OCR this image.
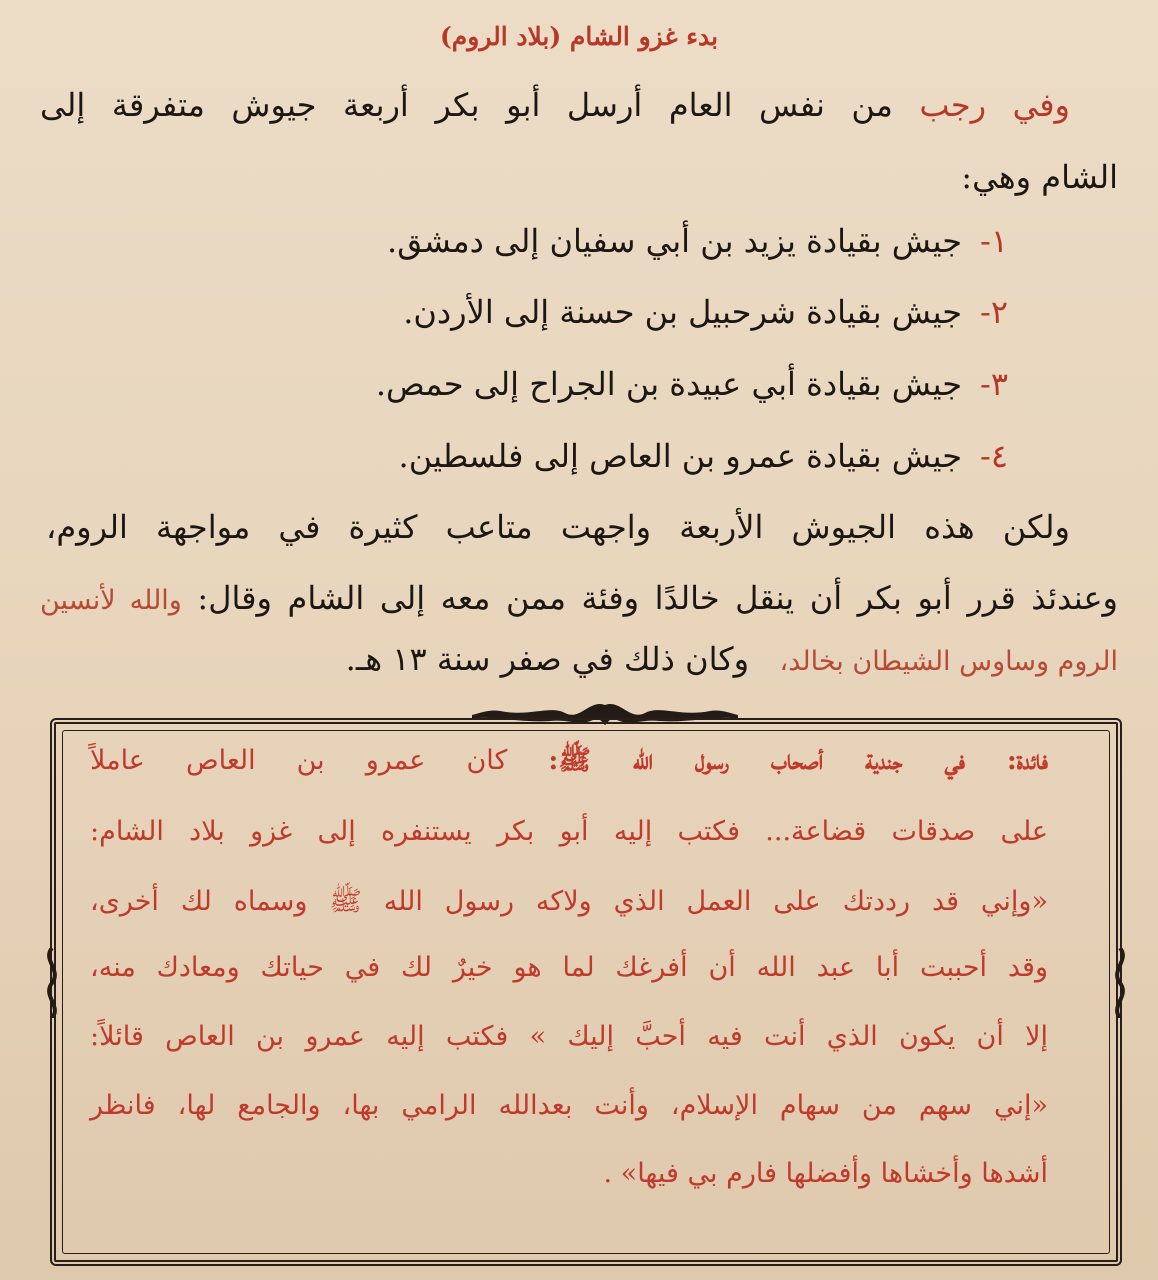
بدء غزو الشام (بلاد الروم)
وفي رجب من نفس العام أرسل أبو بكر أربعة جيوش متفرقة إلى
الشام وهي:
١-جيش بقيادة يزيد بن أبي سفيان إلى دمشق.
٢-جيش بقيادة شرحبيل بن حسنة إلى الأردن.
٣-جيش بقيادة أبي عبيدة بن الجراح إلى حمص.
٤-جيش بقيادة عمرو بن العاص إلى فلسطين.
ولكن هذه الجيوش الأربعة واجهت متاعب كثيرة في مواجهة الروم،
وعندئذ قرر أبو بكر أن ينقل خالدًا وفئة ممن معه إلى الشام وقال: والله لأنسين
الروم وساوس الشيطان بخالد،   وكان ذلك في صفر سنة ١٣ هـ.
فائدة: في جندية أصحاب رسول الله ﷺ: كان عمرو بن العاص عاملاً
على صدقات قضاعة... فكتب إليه أبو بكر يستنفره إلى غزو بلاد الشام:
«وإني قد رددتك على العمل الذي ولاكه رسول الله ﷺ وسماه لك أخرى،
وقد أحببت أبا عبد الله أن أفرغك لما هو خيرٌ لك في حياتك ومعادك منه،
إلا أن يكون الذي أنت فيه أحبَّ إليك » فكتب إليه عمرو بن العاص قائلاً:
«إني سهم من سهام الإسلام، وأنت بعدالله الرامي بها، والجامع لها، فانظر
أشدها وأخشاها وأفضلها فارم بي فيها» .
